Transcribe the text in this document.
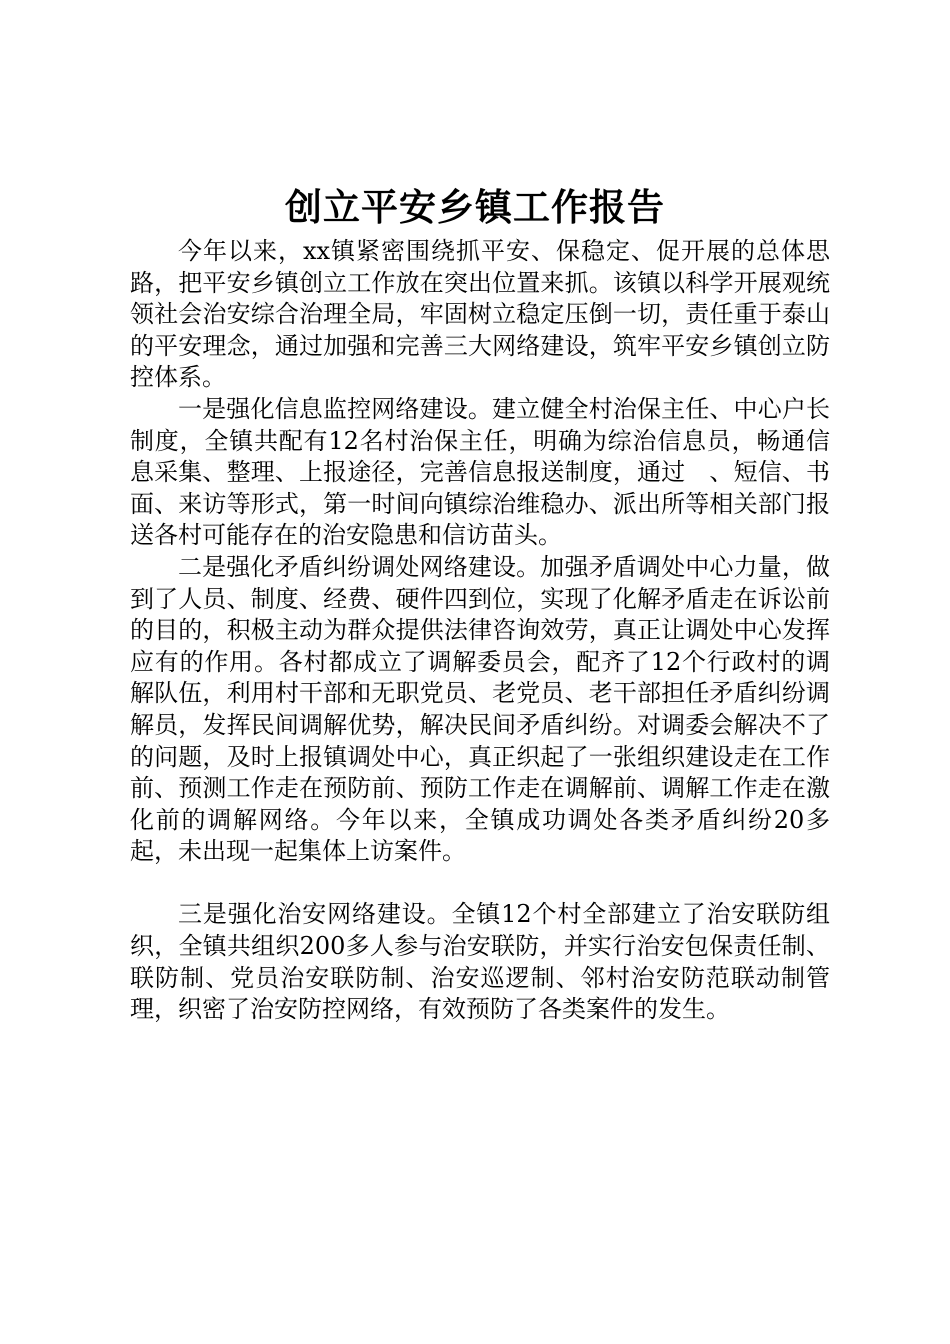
创立平安乡镇工作报告

今年以来，xx镇紧密围绕抓平安、保稳定、促开展的总体思路，把平安乡镇创立工作放在突出位置来抓。该镇以科学开展观统领社会治安综合治理全局，牢固树立稳定压倒一切，责任重于泰山的平安理念，通过加强和完善三大网络建设，筑牢平安乡镇创立防控体系。

一是强化信息监控网络建设。建立健全村治保主任、中心户长制度，全镇共配有12名村治保主任，明确为综治信息员，畅通信息采集、整理、上报途径，完善信息报送制度，通过　、短信、书面、来访等形式，第一时间向镇综治维稳办、派出所等相关部门报送各村可能存在的治安隐患和信访苗头。

二是强化矛盾纠纷调处网络建设。加强矛盾调处中心力量，做到了人员、制度、经费、硬件四到位，实现了化解矛盾走在诉讼前的目的，积极主动为群众提供法律咨询效劳，真正让调处中心发挥应有的作用。各村都成立了调解委员会，配齐了12个行政村的调解队伍，利用村干部和无职党员、老党员、老干部担任矛盾纠纷调解员，发挥民间调解优势，解决民间矛盾纠纷。对调委会解决不了的问题，及时上报镇调处中心，真正织起了一张组织建设走在工作前、预测工作走在预防前、预防工作走在调解前、调解工作走在激化前的调解网络。今年以来，全镇成功调处各类矛盾纠纷20多起，未出现一起集体上访案件。

三是强化治安网络建设。全镇12个村全部建立了治安联防组织，全镇共组织200多人参与治安联防，并实行治安包保责任制、联防制、党员治安联防制、治安巡逻制、邻村治安防范联动制管理，织密了治安防控网络，有效预防了各类案件的发生。
